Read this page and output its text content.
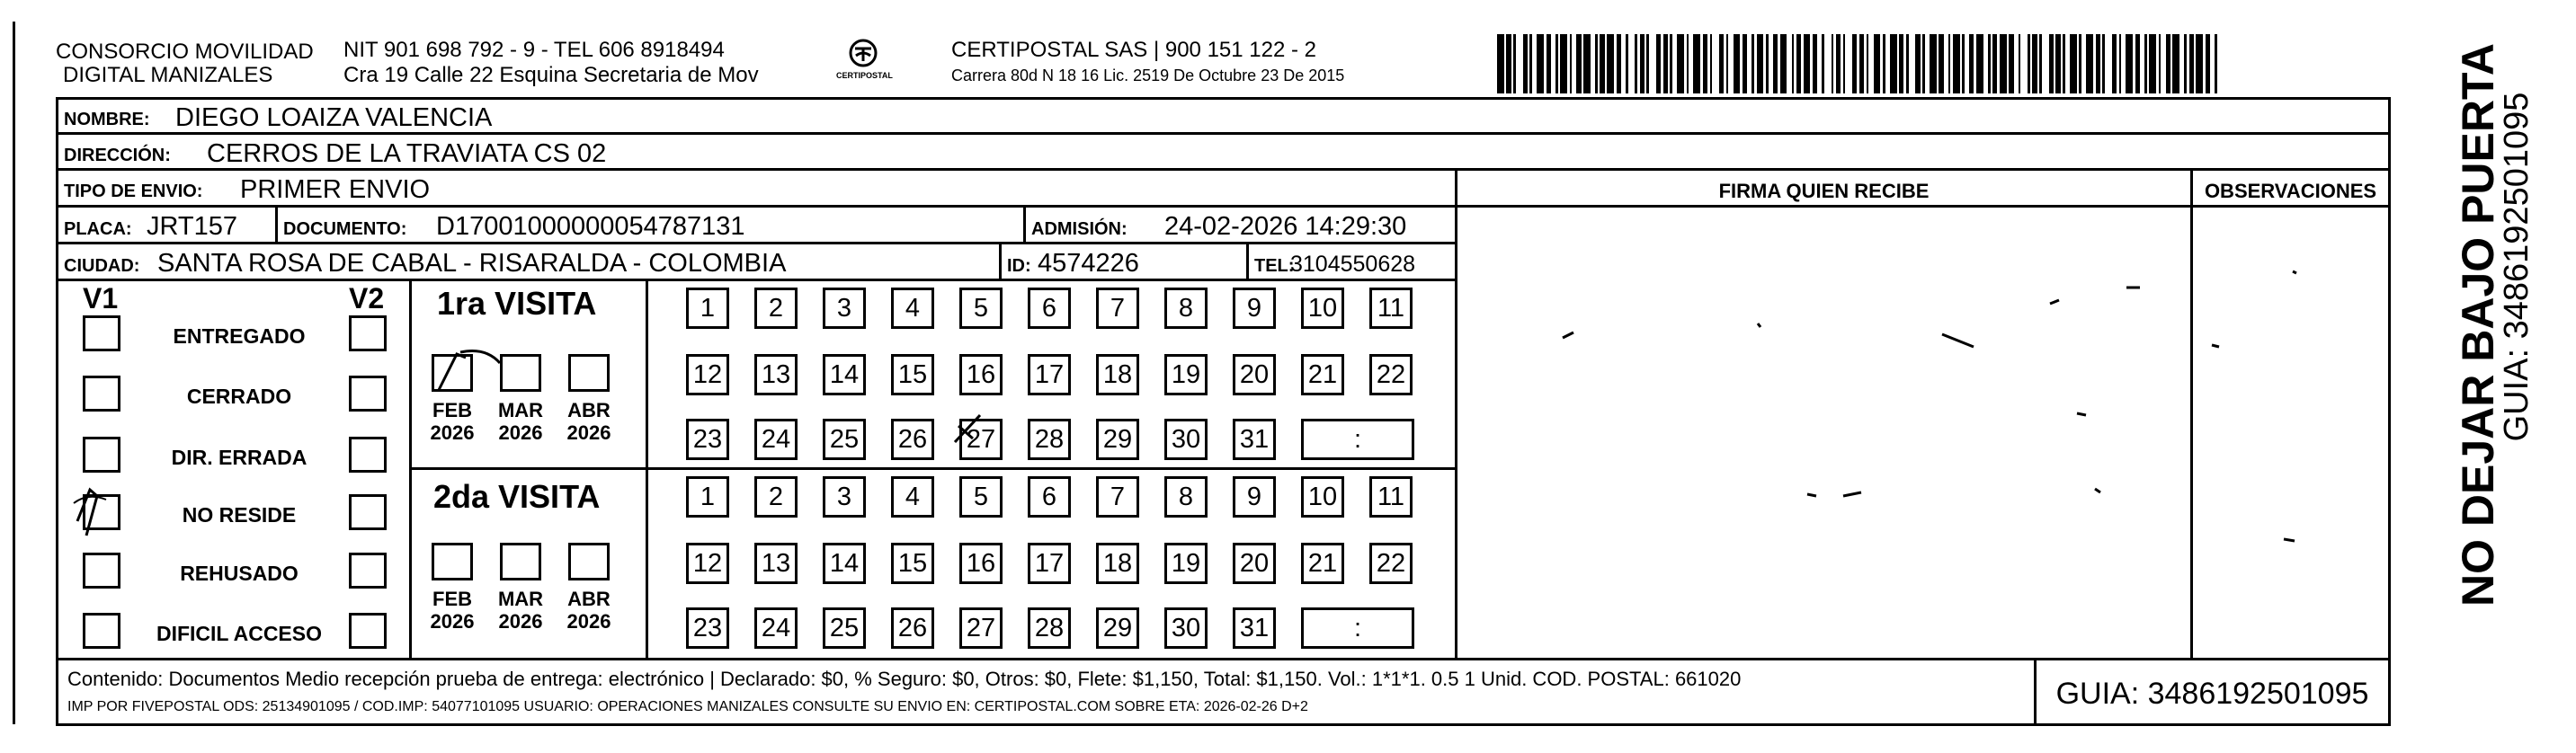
CONSORCIO MOVILIDAD
DIGITAL MANIZALES
NIT 901 698 792 - 9 - TEL 606 8918494
Cra 19 Calle 22 Esquina Secretaria de Mov	CERTIPOSTAL
CERTIPOSTAL SAS | 900 151 122 - 2
Carrera 80d N 18 16 Lic. 2519 De Octubre 23 De 2015
NOMBRE: DIEGO LOAIZA VALENCIA
DIRECCIÓN: CERROS DE LA TRAVIATA CS 02
FIRMA QUIEN RECIBE	OBSERVACIONES
TIPO DE ENVIO: PRIMER ENVIO
PLACA: JRT157	DOCUMENTO: D17001000000054787131	ADMISIÓN: 24-02-2026 14:29:30
CIUDAD: SANTA ROSA DE CABAL - RISARALDA - COLOMBIA	ID: 4574226	TEL:
3104550628
V1	V2
ENTREGADO
CERRADO
DIR. ERRADA
NO RESIDE
REHUSADO
DIFICIL ACCESO
1ra VISITA
2da VISITA
FEB
2026
MAR
2026
ABR
2026
FEB
2026
MAR
2026
ABR
2026
1	2	3	4	5	6	7	8	9	10	11
12 13 14 15 16 17 18 19 20 21 22
23 24 25 26 27 28 29 30 31	:
1	2	3	4	5	6	7	8	9	10	11
12 13 14 15 16 17 18 19 20 21 22
23 24 25 26 27 28 29 30 31	:
NO DEJAR BAJO PUERTA
GUIA: 3486192501095
Contenido: Documentos Medio recepción prueba de entrega: electrónico | Declarado: $0, % Seguro: $0, Otros: $0, Flete: $1,150, Total: $1,150. Vol.: 1*1*1. 0.5 1 Unid. COD. POSTAL: 661020
IMP POR FIVEPOSTAL ODS: 25134901095 / COD.IMP: 54077101095 USUARIO: OPERACIONES MANIZALES CONSULTE SU ENVIO EN: CERTIPOSTAL.COM SOBRE ETA: 2026-02-26 D+2	GUIA: 3486192501095
